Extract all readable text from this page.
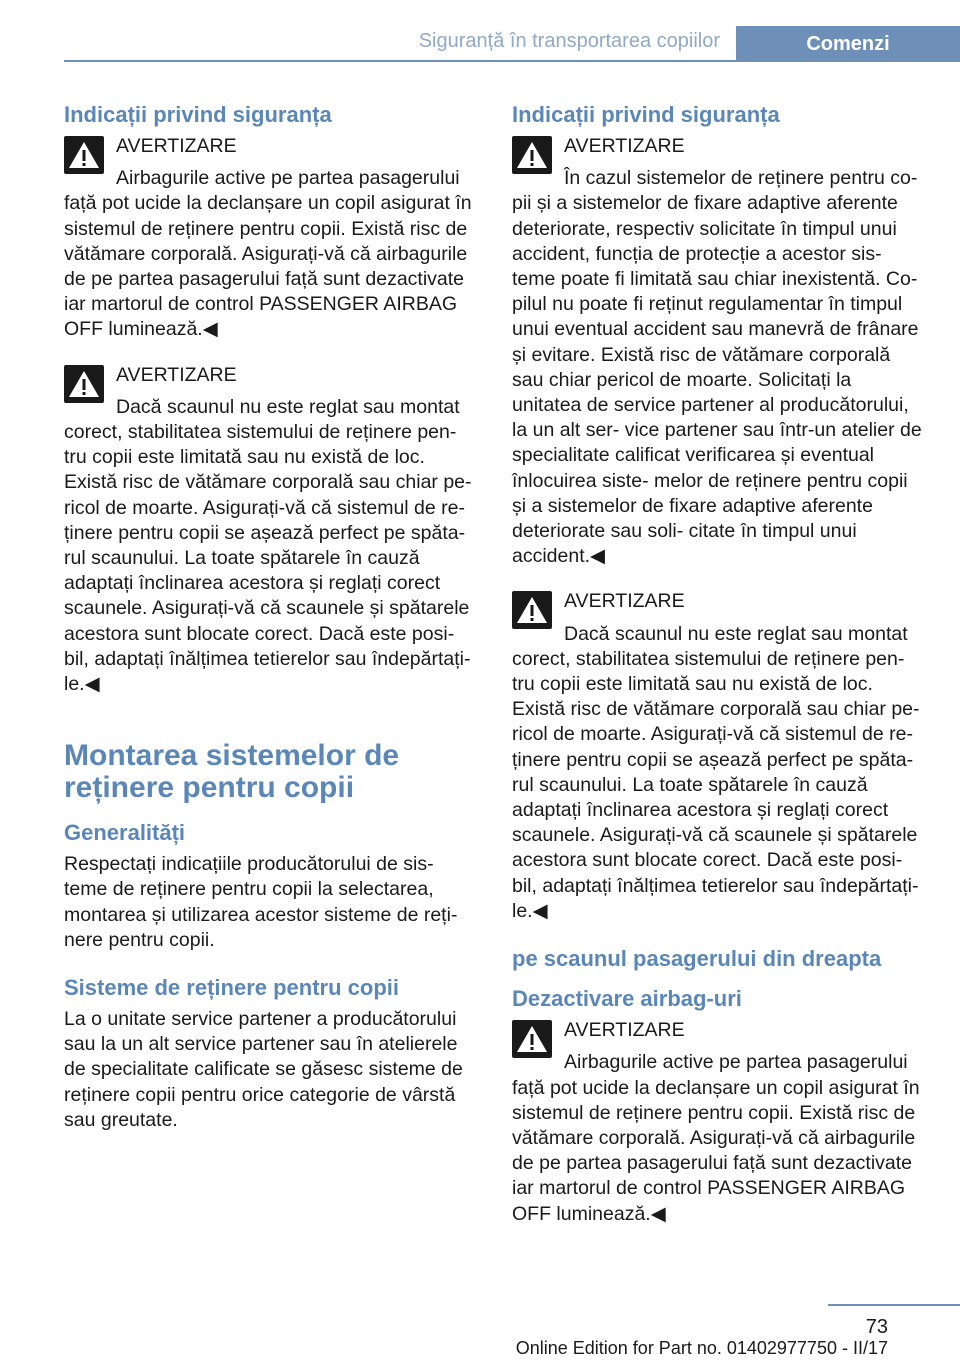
Siguranță în transportarea copiilor	Comenzi
Indicații privind siguranța
AVERTIZARE

Airbagurile active pe partea pasagerului față pot ucide la declanșare un copil asigurat în sistemul de reținere pentru copii. Există risc de vătămare corporală. Asigurați-vă că airbagurile de pe partea pasagerului față sunt dezactivate iar martorul de control PASSENGER AIRBAG OFF luminează.◀

AVERTIZARE

Dacă scaunul nu este reglat sau montat corect, stabilitatea sistemului de reținere pen- tru copii este limitată sau nu există de loc. Există risc de vătămare corporală sau chiar pe- ricol de moarte. Asigurați-vă că sistemul de re- ținere pentru copii se așează perfect pe spăta- rul scaunului. La toate spătarele în cauză adaptați înclinarea acestora și reglați corect scaunele. Asigurați-vă că scaunele și spătarele acestora sunt blocate corect. Dacă este posi- bil, adaptați înălțimea tetierelor sau îndepărtați- le.◀

Montarea sistemelor de
reținere pentru copii
Generalități

Respectați indicațiile producătorului de sis- teme de reținere pentru copii la selectarea, montarea și utilizarea acestor sisteme de reți- nere pentru copii.

Sisteme de reținere pentru copii

La o unitate service partener a producătorului sau la un alt service partener sau în atelierele de specialitate calificate se găsesc sisteme de reținere copii pentru orice categorie de vârstă sau greutate.

Indicații privind siguranța
AVERTIZARE

În cazul sistemelor de reținere pentru co- pii și a sistemelor de fixare adaptive aferente deteriorate, respectiv solicitate în timpul unui accident, funcția de protecție a acestor sis- teme poate fi limitată sau chiar inexistentă. Co- pilul nu poate fi reținut regulamentar în timpul unui eventual accident sau manevră de frânare și evitare. Există risc de vătămare corporală sau chiar pericol de moarte. Solicitați la unitatea de service partener al producătorului, la un alt ser- vice partener sau într-un atelier de specialitate calificat verificarea și eventual înlocuirea siste- melor de reținere pentru copii și a sistemelor de fixare adaptive aferente deteriorate sau soli- citate în timpul unui accident.◀

AVERTIZARE

Dacă scaunul nu este reglat sau montat corect, stabilitatea sistemului de reținere pen- tru copii este limitată sau nu există de loc. Există risc de vătămare corporală sau chiar pe- ricol de moarte. Asigurați-vă că sistemul de re- ținere pentru copii se așează perfect pe spăta- rul scaunului. La toate spătarele în cauză adaptați înclinarea acestora și reglați corect scaunele. Asigurați-vă că scaunele și spătarele acestora sunt blocate corect. Dacă este posi- bil, adaptați înălțimea tetierelor sau îndepărtați- le.◀

pe scaunul pasagerului din dreapta
Dezactivare airbag-uri
AVERTIZARE

Airbagurile active pe partea pasagerului față pot ucide la declanșare un copil asigurat în sistemul de reținere pentru copii. Există risc de vătămare corporală. Asigurați-vă că airbagurile de pe partea pasagerului față sunt dezactivate iar martorul de control PASSENGER AIRBAG OFF luminează.◀

73
Online Edition for Part no. 01402977750 - II/17
